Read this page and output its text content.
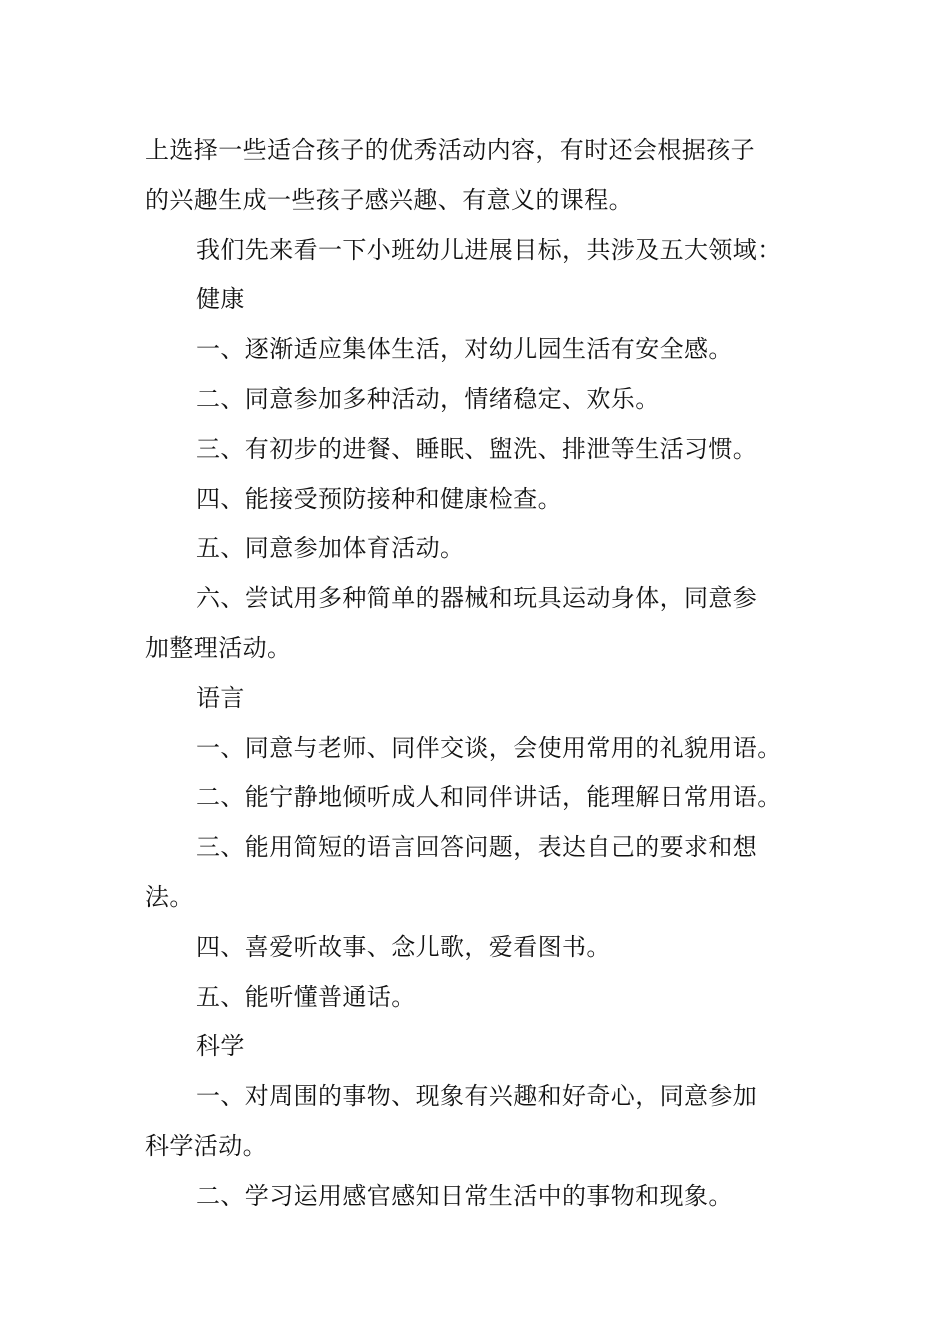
上选择一些适合孩子的优秀活动内容，有时还会根据孩子
的兴趣生成一些孩子感兴趣、有意义的课程。
我们先来看一下小班幼儿进展目标，共涉及五大领域：
健康
一、逐渐适应集体生活，对幼儿园生活有安全感。
二、同意参加多种活动，情绪稳定、欢乐。
三、有初步的进餐、睡眠、盥洗、排泄等生活习惯。
四、能接受预防接种和健康检查。
五、同意参加体育活动。
六、尝试用多种简单的器械和玩具运动身体，同意参
加整理活动。
语言
一、同意与老师、同伴交谈，会使用常用的礼貌用语。
二、能宁静地倾听成人和同伴讲话，能理解日常用语。
三、能用简短的语言回答问题，表达自己的要求和想
法。
四、喜爱听故事、念儿歌，爱看图书。
五、能听懂普通话。
科学
一、对周围的事物、现象有兴趣和好奇心，同意参加
科学活动。
二、学习运用感官感知日常生活中的事物和现象。
